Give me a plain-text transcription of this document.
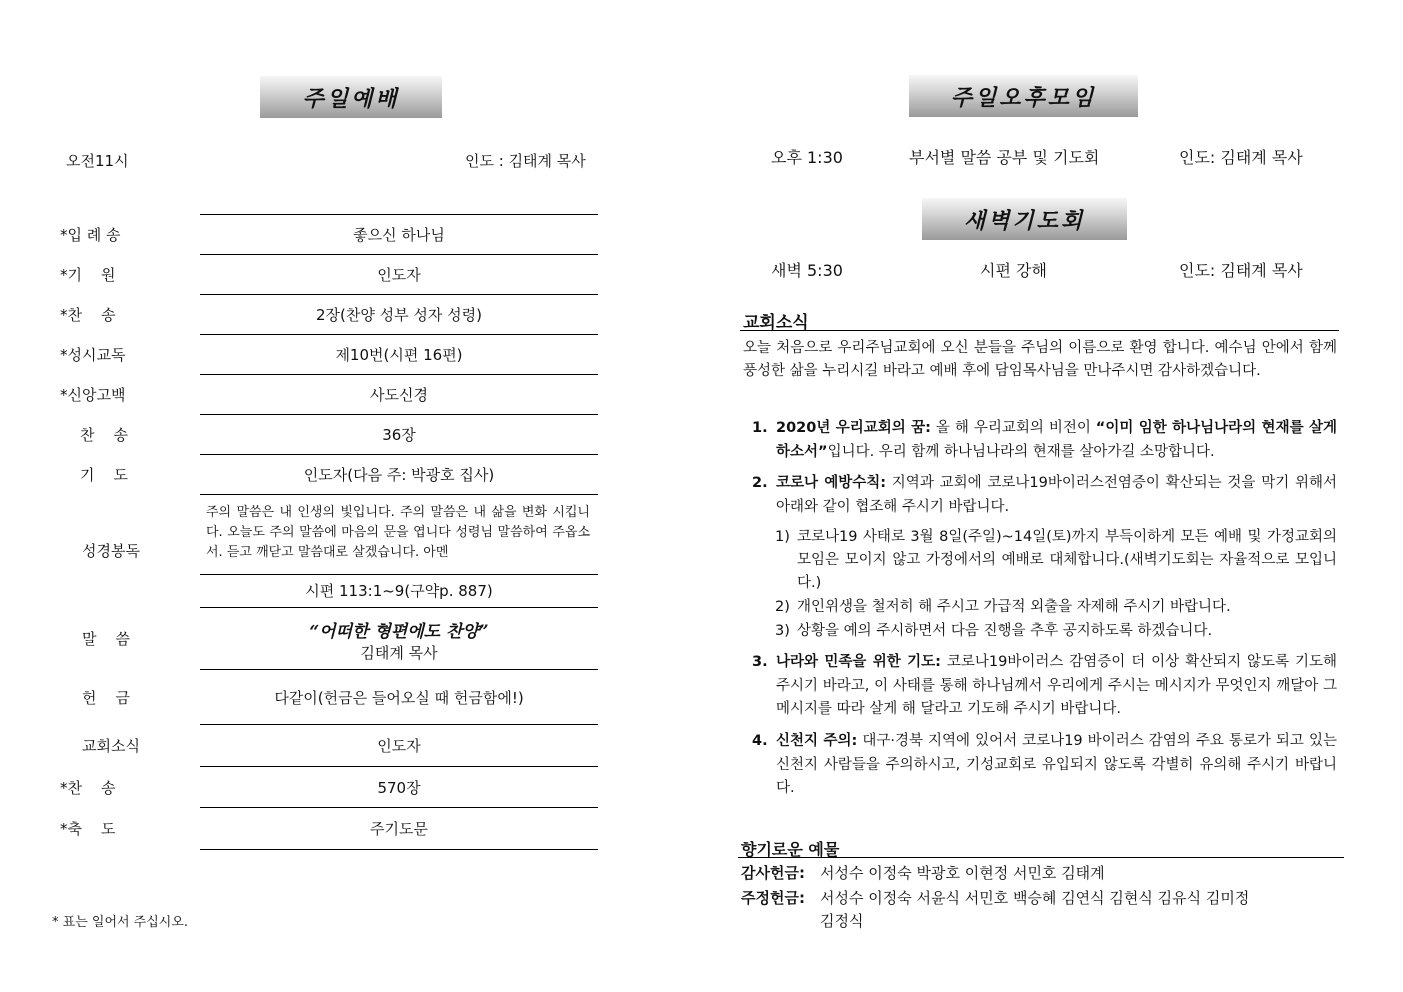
주일예배
오전11시	인도 : 김태계 목사
*입 례 송	좋으신 하나님
*기    원	인도자
*찬    송	2장(찬양 성부 성자 성령)
*성시교독	제10번(시편 16편)
*신앙고백	사도신경
찬    송	36장
기    도	인도자(다음 주: 박광호 집사)
성경봉독
주의 말씀은 내 인생의 빛입니다. 주의 말씀은 내 삶을 변화 시킵니다. 오늘도 주의 말씀에 마음의 문을 엽니다 성령님 말씀하여 주옵소서. 듣고 깨닫고 말씀대로 살겠습니다. 아멘
시편 113:1~9(구약p. 887)
말    씀	“어떠한 형편에도 찬양”
김태계 목사
헌    금	다같이(헌금은 들어오실 때 헌금함에!)
교회소식	인도자
*찬    송	570장
*축    도	주기도문
* 표는 일어서 주십시오.
주일오후모임
오후 1:30	부서별 말씀 공부 및 기도회	인도: 김태계 목사
새벽기도회
새벽 5:30	시편 강해	인도: 김태계 목사
교회소식
오늘 처음으로 우리주님교회에 오신 분들을 주님의 이름으로 환영 합니다. 예수님 안에서 함께 풍성한 삶을 누리시길 바라고 예배 후에 담임목사님을 만나주시면 감사하겠습니다.
1. 2020년 우리교회의 꿈: 올 해 우리교회의 비전이 “이미 임한 하나님나라의 현재를 살게 하소서”입니다. 우리 함께 하나님나라의 현재를 살아가길 소망합니다.
2. 코로나 예방수칙: 지역과 교회에 코로나19바이러스전염증이 확산되는 것을 막기 위해서 아래와 같이 협조해 주시기 바랍니다.
1) 코로나19 사태로 3월 8일(주일)~14일(토)까지 부득이하게 모든 예배 및 가정교회의 모임은 모이지 않고 가정에서의 예배로 대체합니다.(새벽기도회는 자율적으로 모입니다.)
2) 개인위생을 철저히 해 주시고 가급적 외출을 자제해 주시기 바랍니다.
3) 상황을 예의 주시하면서 다음 진행을 추후 공지하도록 하겠습니다.
3. 나라와 민족을 위한 기도: 코로나19바이러스 감염증이 더 이상 확산되지 않도록 기도해 주시기 바라고, 이 사태를 통해 하나님께서 우리에게 주시는 메시지가 무엇인지 깨달아 그 메시지를 따라 살게 해 달라고 기도해 주시기 바랍니다.
4. 신천지 주의: 대구·경북 지역에 있어서 코로나19 바이러스 감염의 주요 통로가 되고 있는 신천지 사람들을 주의하시고, 기성교회로 유입되지 않도록 각별히 유의해 주시기 바랍니다.
향기로운 예물
감사헌금: 서성수 이정숙 박광호 이현정 서민호 김태계
주정헌금: 서성수 이정숙 서윤식 서민호 백승혜 김연식 김현식 김유식 김미정
김정식
